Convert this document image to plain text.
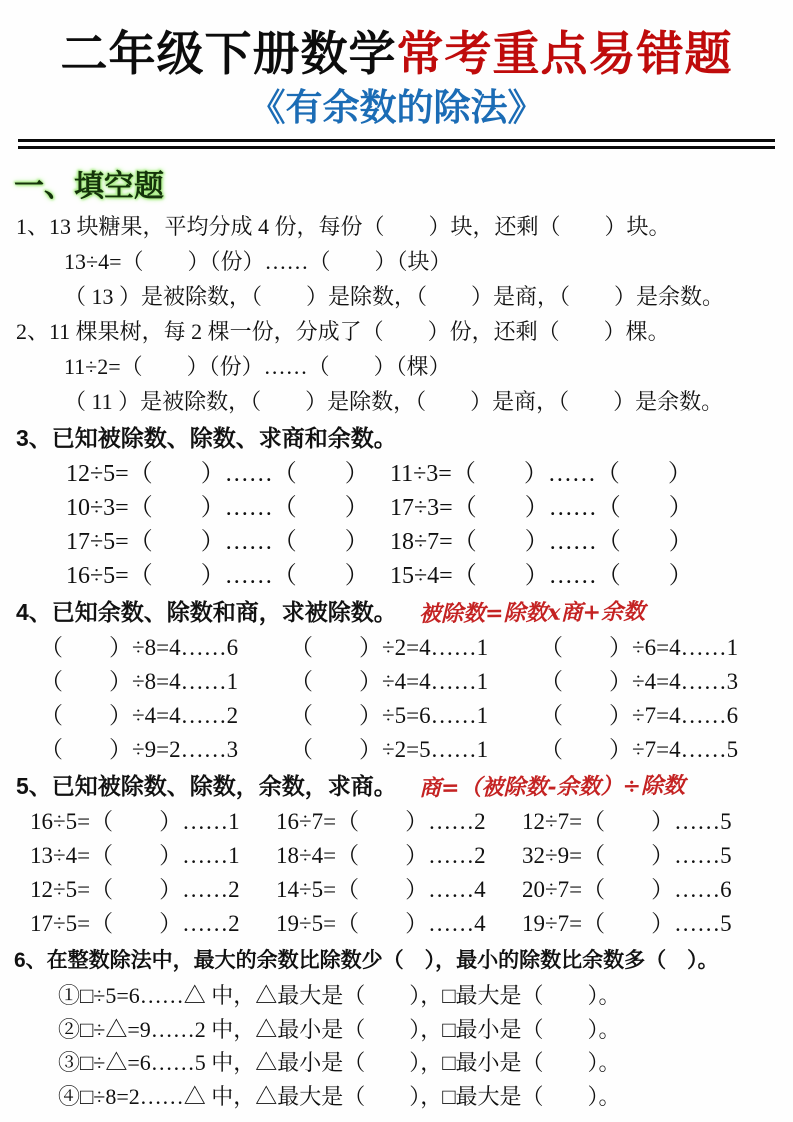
二年级下册数学常考重点易错题
《有余数的除法》
一、填空题

1、13 块糖果，平均分成 4 份，每份（　　）块，还剩（　　）块。

13÷4=（　　）（份）……（　　）（块）

（ 13 ）是被除数，（　　）是除数，（　　）是商，（　　）是余数。

2、11 棵果树，每 2 棵一份，分成了（　　）份，还剩（　　）棵。

11÷2=（　　）（份）……（　　）（棵）

（ 11 ）是被除数，（　　）是除数，（　　）是商，（　　）是余数。

3、已知被除数、除数、求商和余数。

12÷5=（　　）……（　　） 11÷3=（　　）……（　　）
10÷3=（　　）……（　　） 17÷3=（　　）……（　　）
17÷5=（　　）……（　　） 18÷7=（　　）……（　　）
16÷5=（　　）……（　　） 15÷4=（　　）……（　　）

4、已知余数、除数和商，求被除数。 被除数=除数x商+余数
（　　）÷8=4……6	（　　）÷2=4……1	（　　）÷6=4……1
（　　）÷8=4……1	（　　）÷4=4……1	（　　）÷4=4……3
（　　）÷4=4……2	（　　）÷5=6……1	（　　）÷7=4……6
（　　）÷9=2……3	（　　）÷2=5……1	（　　）÷7=4……5

5、已知被除数、除数，余数，求商。 商=（被除数-余数）÷除数
16÷5=（　　）……1	16÷7=（　　）……2	12÷7=（　　）……5
13÷4=（　　）……1	18÷4=（　　）……2	32÷9=（　　）……5
12÷5=（　　）……2	14÷5=（　　）……4	20÷7=（　　）……6
17÷5=（　　）……2	19÷5=（　　）……4	19÷7=（　　）……5

6、在整数除法中，最大的余数比除数少（　），最小的除数比余数多（　）。

①□÷5=6……△ 中，△最大是（　　），□最大是（　　）。

②□÷△=9……2 中，△最小是（　　），□最小是（　　）。

③□÷△=6……5 中，△最小是（　　），□最小是（　　）。

④□÷8=2……△ 中，△最大是（　　），□最大是（　　）。
